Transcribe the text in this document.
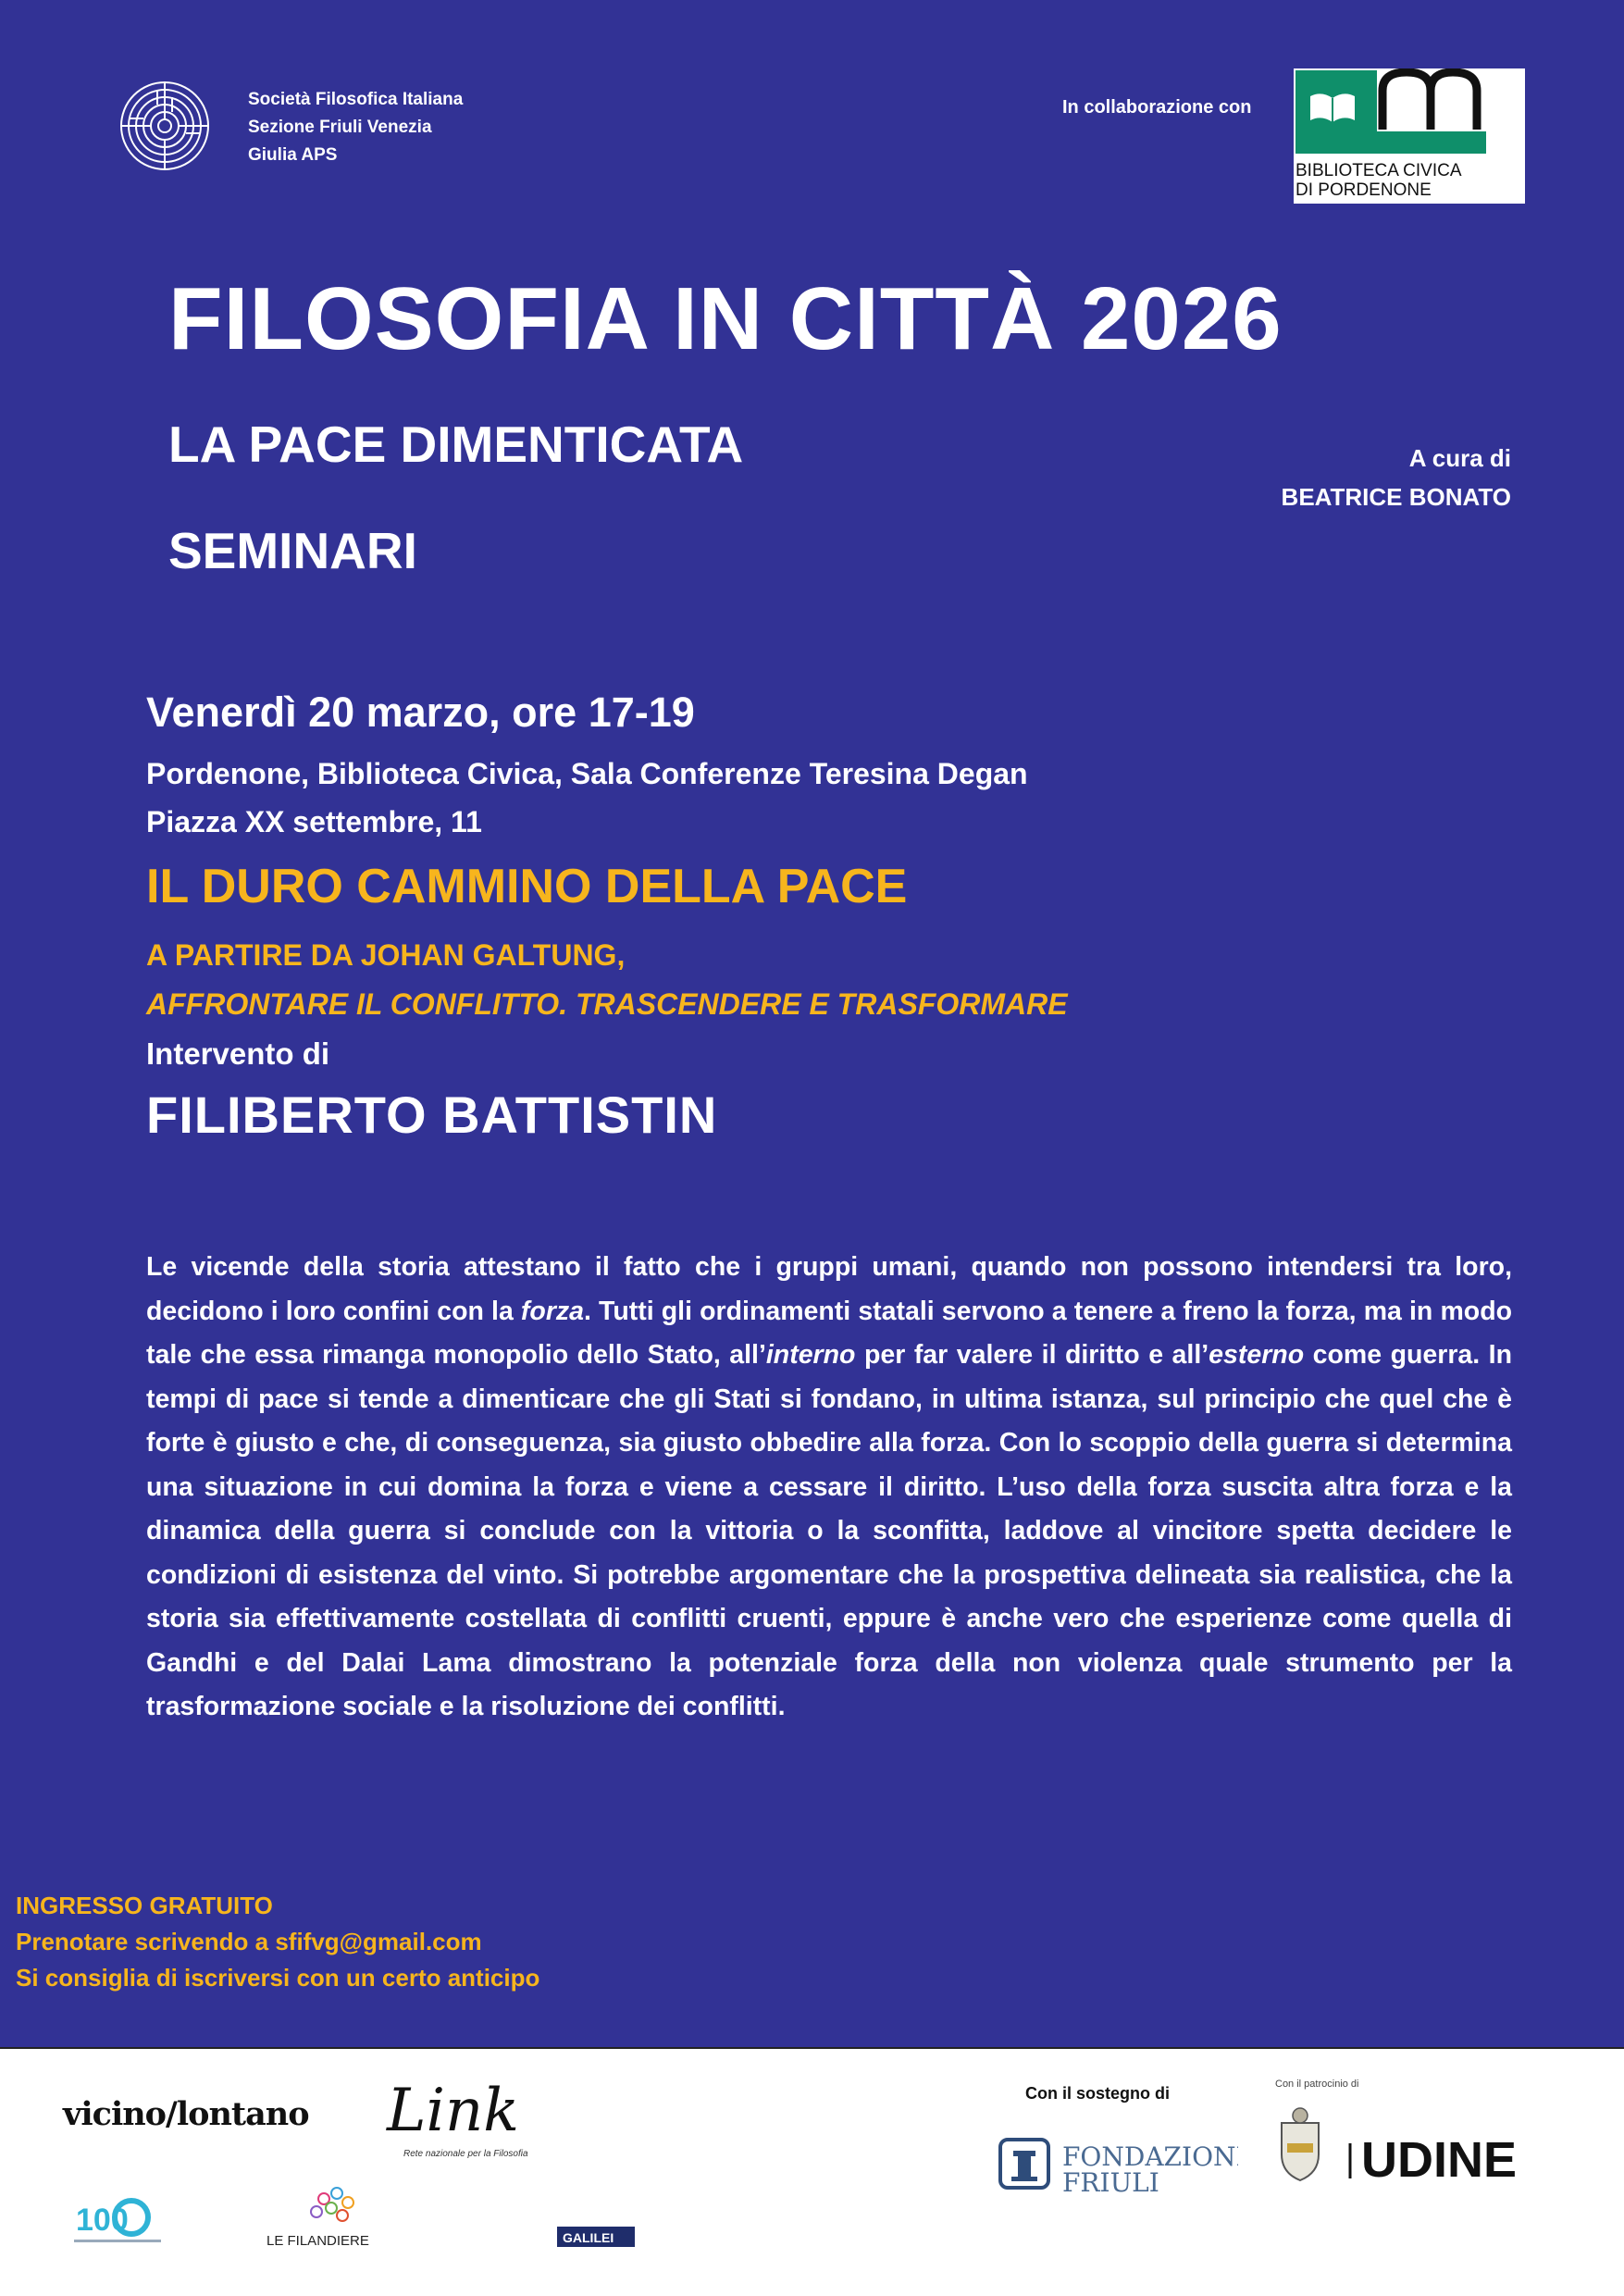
Società Filosofica Italiana
Sezione Friuli Venezia
Giulia APS
In collaborazione con
BIBLIOTECA CIVICA
DI PORDENONE
FILOSOFIA IN CITTÀ 2026
LA PACE DIMENTICATA
SEMINARI
A cura di
BEATRICE BONATO
Venerdì 20 marzo, ore 17-19
Pordenone, Biblioteca Civica, Sala Conferenze Teresina Degan
Piazza XX settembre, 11
IL DURO CAMMINO DELLA PACE
A PARTIRE DA JOHAN GALTUNG,
AFFRONTARE IL CONFLITTO. TRASCENDERE E TRASFORMARE
Intervento di
FILIBERTO BATTISTIN
Le vicende della storia attestano il fatto che i gruppi umani, quando non possono intendersi tra loro, decidono i loro confini con la forza. Tutti gli ordinamenti statali servono a tenere a freno la forza, ma in modo tale che essa rimanga monopolio dello Stato, all’interno per far valere il diritto e all’esterno come guerra. In tempi di pace si tende a dimenticare che gli Stati si fondano, in ultima istanza, sul principio che quel che è forte è giusto e che, di conseguenza, sia giusto obbedire alla forza. Con lo scoppio della guerra si determina una situazione in cui domina la forza e viene a cessare il diritto. L’uso della forza suscita altra forza e la dinamica della guerra si conclude con la vittoria o la sconfitta, laddove al vincitore spetta decidere le condizioni di esistenza del vinto. Si potrebbe argomentare che la prospettiva delineata sia realistica, che la storia sia effettivamente costellata di conflitti cruenti, eppure è anche vero che esperienze come quella di Gandhi e del Dalai Lama dimostrano la potenziale forza della non violenza quale strumento per la trasformazione sociale e la risoluzione dei conflitti.
INGRESSO GRATUITO
Prenotare scrivendo a sfifvg@gmail.com
Si consiglia di iscriversi con un certo anticipo
vicino/lontano Link
Rete nazionale per la Filosofia
100
LE FILANDIERE	GALILEI
Con il sostegno di
FONDAZIONE
FRIULI
Con il patrocinio di
UDINE
